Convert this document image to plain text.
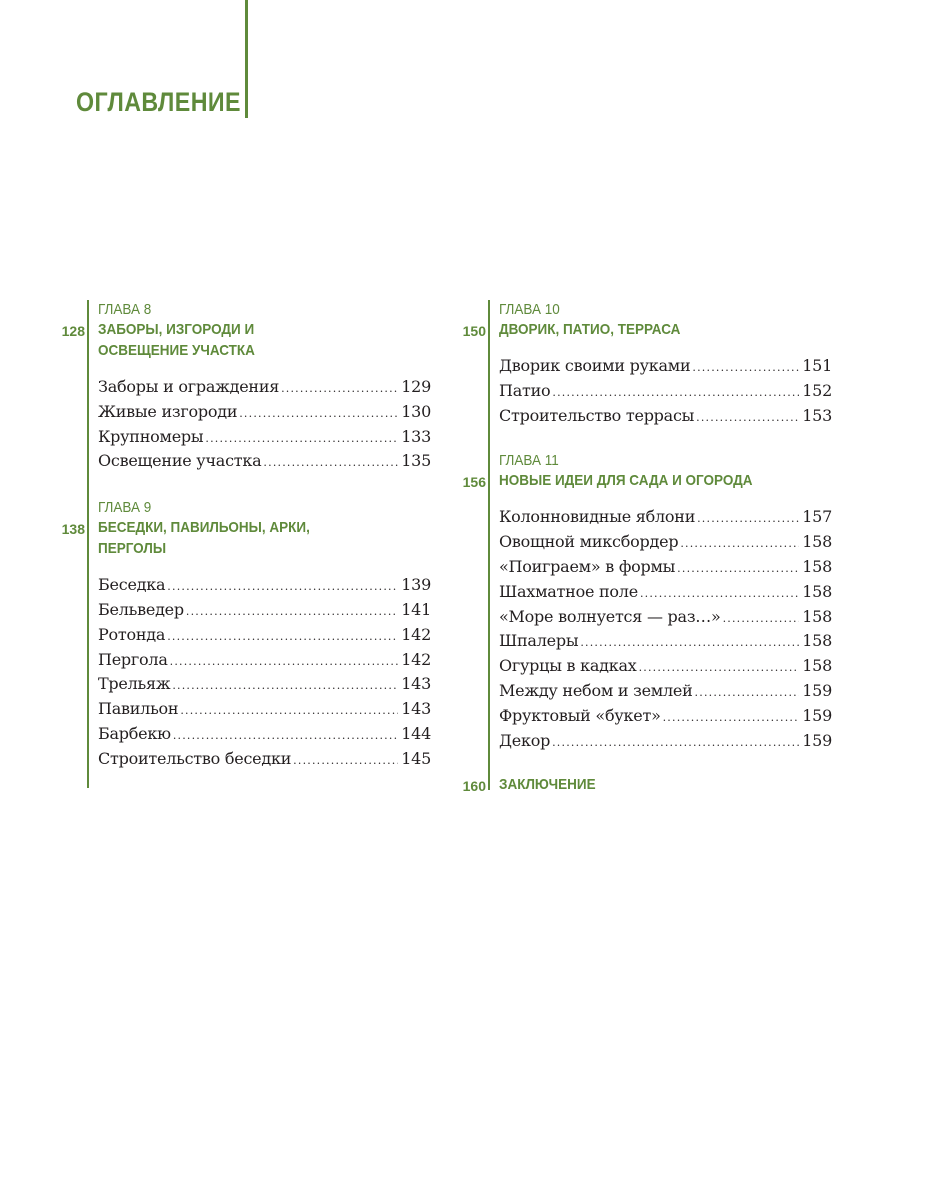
ОГЛАВЛЕНИЕ
ГЛАВА 8
128 ЗАБОРЫ, ИЗГОРОДИ И ОСВЕЩЕНИЕ УЧАСТКА
Заборы и ограждения .....	129
Живые изгороди .....	130
Крупномеры .....	133
Освещение участка .....	135
ГЛАВА 9
138 БЕСЕДКИ, ПАВИЛЬОНЫ, АРКИ, ПЕРГОЛЫ
Беседка .....	139
Бельведер .....	141
Ротонда .....	142
Пергола .....	142
Трельяж .....	143
Павильон .....	143
Барбекю .....	144
Строительство беседки .....	145
ГЛАВА 10
150 ДВОРИК, ПАТИО, ТЕРРАСА
Дворик своими руками .....	151
Патио .....	152
Строительство террасы .....	153
ГЛАВА 11
156 НОВЫЕ ИДЕИ ДЛЯ САДА И ОГОРОДА
Колонновидные яблони .....	157
Овощной миксбордер .....	158
«Поиграем» в формы .....	158
Шахматное поле .....	158
«Море волнуется — раз…» .....	158
Шпалеры .....	158
Огурцы в кадках .....	158
Между небом и землей .....	159
Фруктовый «букет» .....	159
Декор .....	159
160 ЗАКЛЮЧЕНИЕ
